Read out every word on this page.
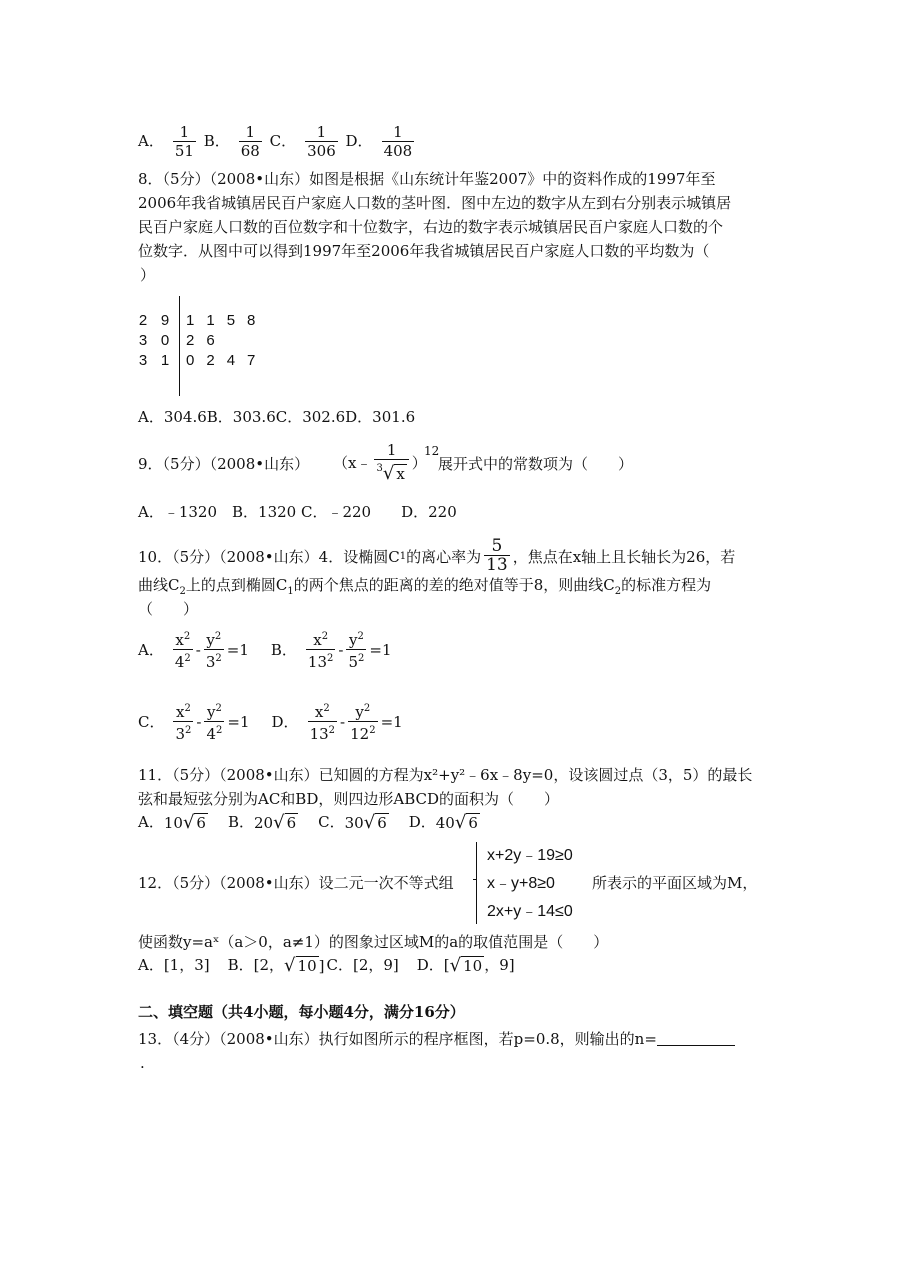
A． $\frac{1}{51}$ B． $\frac{1}{68}$ C． $\frac{1}{306}$ D． $\frac{1}{408}$
8．（5分）（2008•山东）如图是根据《山东统计年鉴2007》中的资料作成的1997年至
2006年我省城镇居民百户家庭人口数的茎叶图．图中左边的数字从左到右分别表示城镇居
民百户家庭人口数的百位数字和十位数字，右边的数字表示城镇居民百户家庭人口数的个
位数字．从图中可以得到1997年至2006年我省城镇居民百户家庭人口数的平均数为（
）
2	9	1	1	5	8
3	0	2	6		
3	1	0	2	4	7
A．304.6B．303.6C．302.6D．301.6
9．（5分）（2008•山东） （x﹣ $\frac{1}{^3 √ x}$ ）
12
展开式中的常数项为（　　）
A．﹣1320　B．1320 C．﹣220　　D．220
10．（5分）（2008•山东）4．设椭圆C 1 的离心率为 $\frac{5}{13}$ ，焦点在x轴上且长轴长为26，若
曲线$C_2$上的点到椭圆$C_1$的两个焦点的距离的差的绝对值等于8，则曲线$C_2$的标准方程为
（　　）
A． $\frac{x^2}{4^2} - \frac{y^2}{3^2} =1$ B． $\frac{x^2}{13^2} - \frac{y^2}{5^2} =1$
C． $\frac{x^2}{3^2} - \frac{y^2}{4^2} =1$ D． $\frac{x^2}{13^2} - \frac{y^2}{12^2} =1$
11．（5分）（2008•山东）已知圆的方程为x²+y²﹣6x﹣8y=0，设该圆过点（3，5）的最长
弦和最短弦分别为AC和BD，则四边形ABCD的面积为（　　）
A． 10 √ 6 B． 20 √ 6 C． 30 √ 6 D． 40 √ 6
12．（5分）（2008•山东）设二元一次不等式组
x+2y﹣19≥0
x﹣y+8≥0
2x+y﹣14≤0
所表示的平面区域为M，
使函数y=aˣ（a＞0，a≠1）的图象过区域M的a的取值范围是（　　）
A．[1，3] B．[2， √ 10 ] C．[2，9] D．[ √ 10 ，9]
二、填空题（共4小题，每小题4分，满分16分）
13．（4分）（2008•山东）执行如图所示的程序框图，若p=0.8，则输出的n=
.
